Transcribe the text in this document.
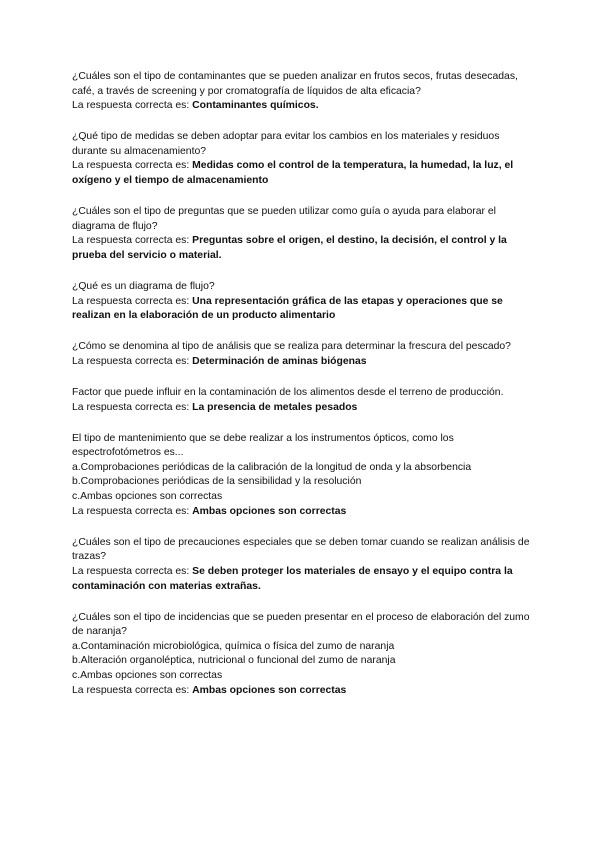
¿Cuáles son el tipo de contaminantes que se pueden analizar en frutos secos, frutas desecadas, café, a través de screening y por cromatografía de líquidos de alta eficacia?

La respuesta correcta es: Contaminantes químicos.

¿Qué tipo de medidas se deben adoptar para evitar los cambios en los materiales y residuos durante su almacenamiento?

La respuesta correcta es: Medidas como el control de la temperatura, la humedad, la luz, el oxígeno y el tiempo de almacenamiento

¿Cuáles son el tipo de preguntas que se pueden utilizar como guía o ayuda para elaborar el diagrama de flujo?

La respuesta correcta es: Preguntas sobre el origen, el destino, la decisión, el control y la prueba del servicio o material.

¿Qué es un diagrama de flujo?

La respuesta correcta es: Una representación gráfica de las etapas y operaciones que se realizan en la elaboración de un producto alimentario

¿Cómo se denomina al tipo de análisis que se realiza para determinar la frescura del pescado?

La respuesta correcta es: Determinación de aminas biógenas

Factor que puede influir en la contaminación de los alimentos desde el terreno de producción.

La respuesta correcta es: La presencia de metales pesados

El tipo de mantenimiento que se debe realizar a los instrumentos ópticos, como los espectrofotómetros es...

a.Comprobaciones periódicas de la calibración de la longitud de onda y la absorbencia

b.Comprobaciones periódicas de la sensibilidad y la resolución

c.Ambas opciones son correctas

La respuesta correcta es: Ambas opciones son correctas

¿Cuáles son el tipo de precauciones especiales que se deben tomar cuando se realizan análisis de trazas?

La respuesta correcta es: Se deben proteger los materiales de ensayo y el equipo contra la contaminación con materias extrañas.

¿Cuáles son el tipo de incidencias que se pueden presentar en el proceso de elaboración del zumo de naranja?

a.Contaminación microbiológica, química o física del zumo de naranja

b.Alteración organoléptica, nutricional o funcional del zumo de naranja

c.Ambas opciones son correctas

La respuesta correcta es: Ambas opciones son correctas
